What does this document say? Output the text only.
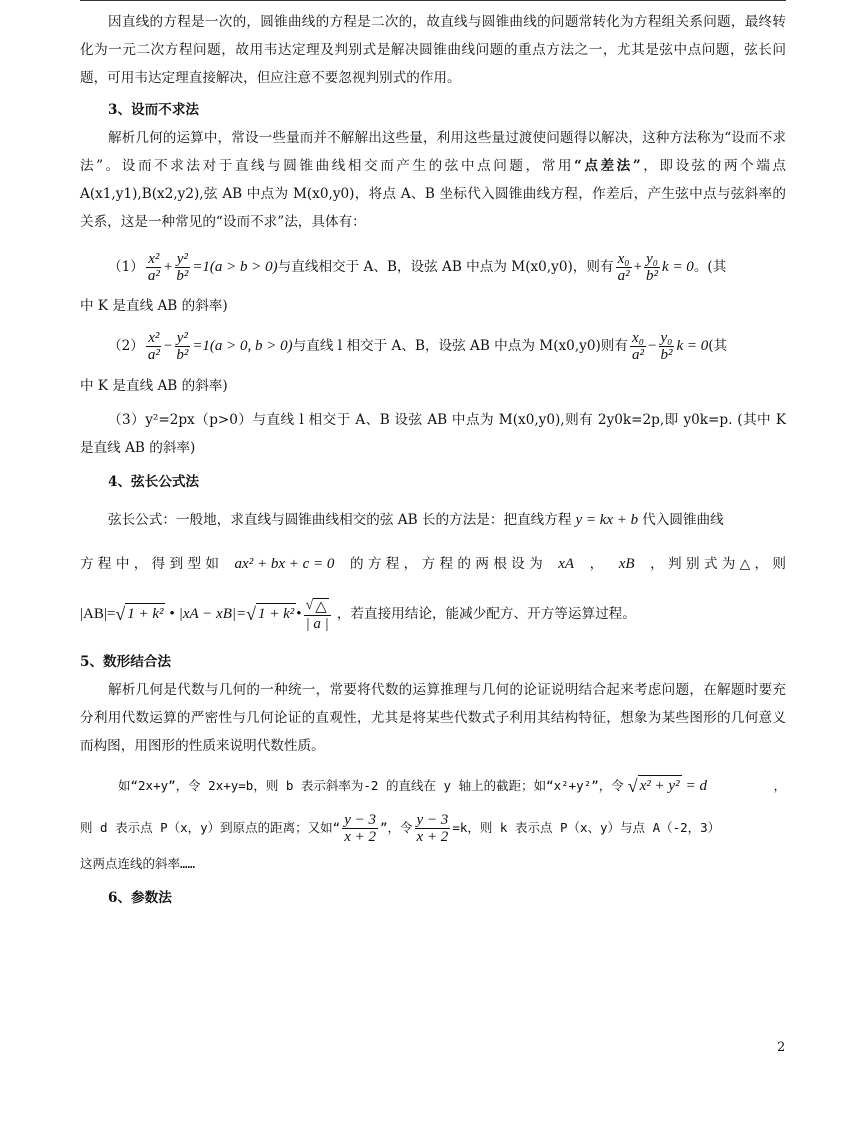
因直线的方程是一次的，圆锥曲线的方程是二次的，故直线与圆锥曲线的问题常转化为方程组关系问题，最终转化为一元二次方程问题，故用韦达定理及判别式是解决圆锥曲线问题的重点方法之一，尤其是弦中点问题，弦长问题，可用韦达定理直接解决，但应注意不要忽视判别式的作用。

3、设而不求法

解析几何的运算中，常设一些量而并不解解出这些量，利用这些量过渡使问题得以解决，这种方法称为“设而不求法”。设而不求法对于直线与圆锥曲线相交而产生的弦中点问题，常用“点差法”，即设弦的两个端点 A(x1,y1),B(x2,y2),弦 AB 中点为 M(x0,y0)，将点 A、B 坐标代入圆锥曲线方程，作差后，产生弦中点与弦斜率的关系，这是一种常见的“设而不求”法，具体有：

$(1) \frac{\text{x²}}{\text{a²}} + \frac{\text{y²}}{\text{b²}} =1(a > b > 0)$ 与直线相交于 A、B，设弦 AB 中点为 M(x0,y0)，则有 $\frac{\text{x₀}}{\text{a²}} + \frac{\text{y₀}}{\text{b²}}$ k = 0 。(其

中 K 是直线 AB 的斜率)

$(2) \frac{\text{x²}}{\text{a²}} - \frac{\text{y²}}{\text{b²}} =1(a > 0$, b > 0) 与直线 l 相交于 A、B，设弦 AB 中点为 M(x0,y0)则有 $\frac{\text{x₀}}{\text{a²}} - \frac{\text{y₀}}{\text{b²}}$ k = 0 (其

中 K 是直线 AB 的斜率)

（3）y²=2px（p>0）与直线 l 相交于 A、B 设弦 AB 中点为 M(x0,y0),则有 2y0k=2p,即 y0k=p. (其中 K 是直线 AB 的斜率)

4、弦长公式法

弦长公式：一般地，求直线与圆锥曲线相交的弦 AB 长的方法是：把直线方程 y = kx + b 代入圆锥曲线
方 程 中 ， 得 到 型 如 ax² + bx + c = 0 的 方 程 ， 方 程 的 两 根 设 为 xA ， xB ， 判 别 式 为 △ ， 则
|AB|= √ 1 + k² • |xA − xB|= √ 1 + k² • $\frac{√ \triangle}{| a |}$ ，若直接用结论，能减少配方、开方等运算过程。

5、数形结合法

解析几何是代数与几何的一种统一，常要将代数的运算推理与几何的论证说明结合起来考虑问题，在解题时要充分利用代数运算的严密性与几何论证的直观性，尤其是将某些代数式子利用其结构特征，想象为某些图形的几何意义而构图，用图形的性质来说明代数性质。

如“2x+y”，令 2x+y=b，则 b 表示斜率为-2 的直线在 y 轴上的截距；如“x²+y²”，令 √ x² + y² = d	，
则 d 表示点 P（x，y）到原点的距离；又如“ $\frac{y - 3}{x + 2}$ ”，令 $\frac{y - 3}{x + 2} =k$，则 k 表示点 P（x、y）与点 A（-2，3）

这两点连线的斜率……

6、参数法

2
